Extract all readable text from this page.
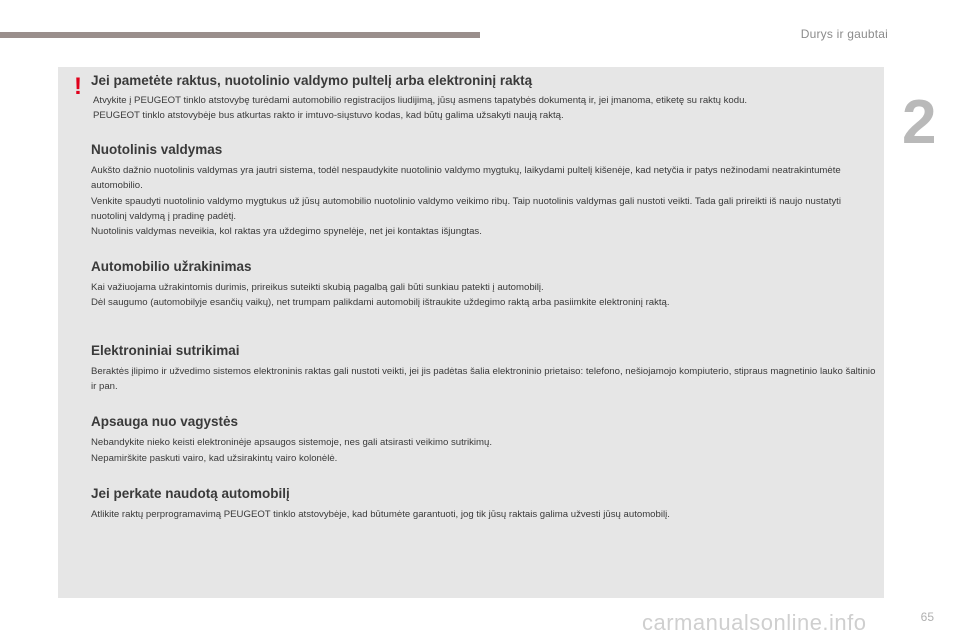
Durys ir gaubtai
2
! Jei pametėte raktus, nuotolinio valdymo pultelį arba elektroninį raktą

Atvykite į PEUGEOT tinklo atstovybę turėdami automobilio registracijos liudijimą, jūsų asmens tapatybės dokumentą ir, jei įmanoma, etiketę su raktų kodu.

PEUGEOT tinklo atstovybėje bus atkurtas rakto ir imtuvo-siųstuvo kodas, kad būtų galima užsakyti naują raktą.

Nuotolinis valdymas

Aukšto dažnio nuotolinis valdymas yra jautri sistema, todėl nespaudykite nuotolinio valdymo mygtukų, laikydami pultelį kišenėje, kad netyčia ir patys nežinodami neatrakintumėte automobilio.

Venkite spaudyti nuotolinio valdymo mygtukus už jūsų automobilio nuotolinio valdymo veikimo ribų. Taip nuotolinis valdymas gali nustoti veikti. Tada gali prireikti iš naujo nustatyti nuotolinį valdymą į pradinę padėtį.

Nuotolinis valdymas neveikia, kol raktas yra uždegimo spynelėje, net jei kontaktas išjungtas.

Automobilio užrakinimas

Kai važiuojama užrakintomis durimis, prireikus suteikti skubią pagalbą gali būti sunkiau patekti į automobilį.

Dėl saugumo (automobilyje esančių vaikų), net trumpam palikdami automobilį ištraukite uždegimo raktą arba pasiimkite elektroninį raktą.

Elektroniniai sutrikimai

Beraktės įlipimo ir užvedimo sistemos elektroninis raktas gali nustoti veikti, jei jis padėtas šalia elektroninio prietaiso: telefono, nešiojamojo kompiuterio, stipraus magnetinio lauko šaltinio ir pan.

Apsauga nuo vagystės

Nebandykite nieko keisti elektroninėje apsaugos sistemoje, nes gali atsirasti veikimo sutrikimų.

Nepamirškite paskuti vairo, kad užsirakintų vairo kolonėlė.

Jei perkate naudotą automobilį

Atlikite raktų perprogramavimą PEUGEOT tinklo atstovybėje, kad būtumėte garantuoti, jog tik jūsų raktais galima užvesti jūsų automobilį.

65
carmanualsonline.info
